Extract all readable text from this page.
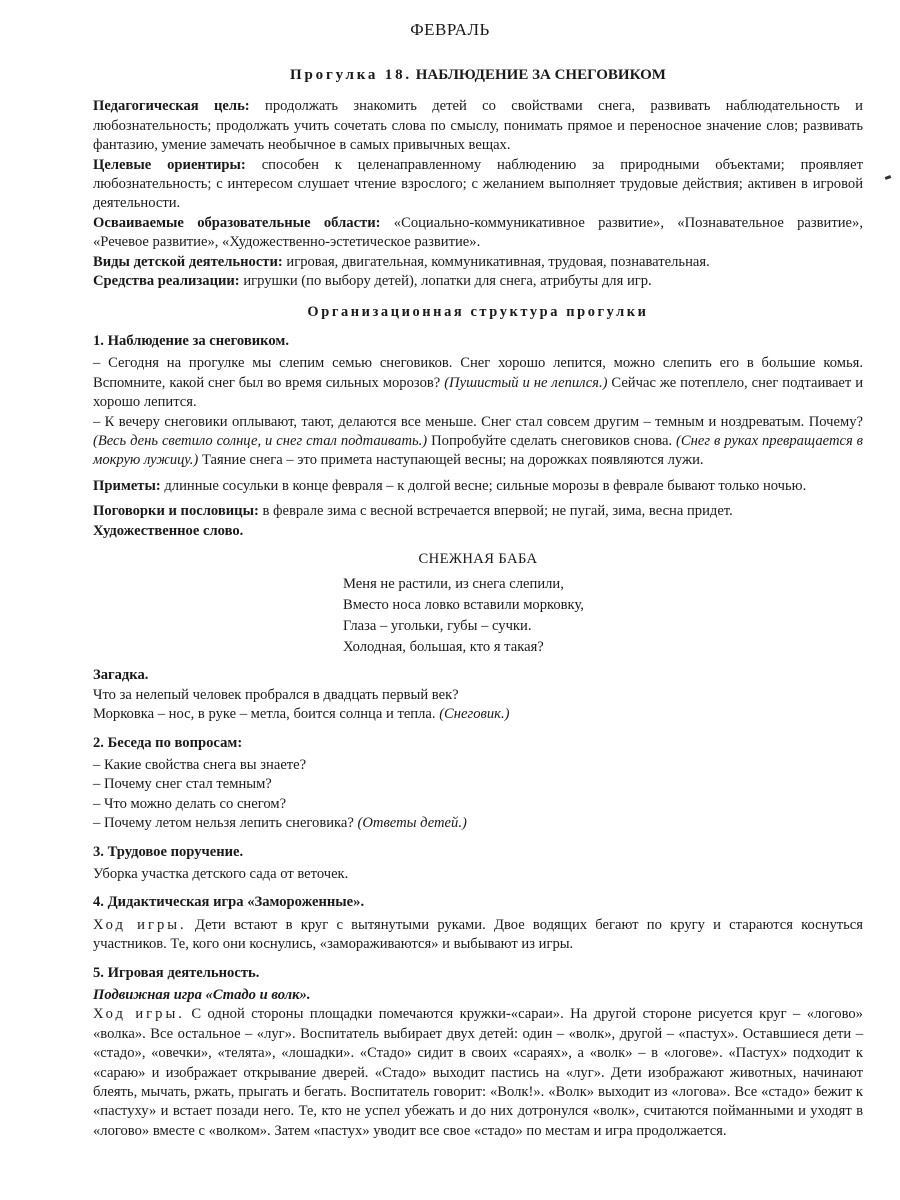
ФЕВРАЛЬ
Прогулка 18. НАБЛЮДЕНИЕ ЗА СНЕГОВИКОМ

Педагогическая цель: продолжать знакомить детей со свойствами снега, развивать наблюдательность и любознательность; продолжать учить сочетать слова по смыслу, понимать прямое и переносное значение слов; развивать фантазию, умение замечать необычное в самых привычных вещах.

Целевые ориентиры: способен к целенаправленному наблюдению за природными объектами; проявляет любознательность; с интересом слушает чтение взрослого; с желанием выполняет трудовые действия; активен в игровой деятельности.

Осваиваемые образовательные области: «Социально-коммуникативное развитие», «Познавательное развитие», «Речевое развитие», «Художественно-эстетическое развитие».

Виды детской деятельности: игровая, двигательная, коммуникативная, трудовая, познавательная.

Средства реализации: игрушки (по выбору детей), лопатки для снега, атрибуты для игр.

Организационная структура прогулки
1. Наблюдение за снеговиком.

– Сегодня на прогулке мы слепим семью снеговиков. Снег хорошо лепится, можно слепить его в большие комья. Вспомните, какой снег был во время сильных морозов? (Пушистый и не лепился.) Сейчас же потеплело, снег подтаивает и хорошо лепится.

– К вечеру снеговики оплывают, тают, делаются все меньше. Снег стал совсем другим – темным и ноздреватым. Почему? (Весь день светило солнце, и снег стал подтаивать.) Попробуйте сделать снеговиков снова. (Снег в руках превращается в мокрую лужицу.) Таяние снега – это примета наступающей весны; на дорожках появляются лужи.

Приметы: длинные сосульки в конце февраля – к долгой весне; сильные морозы в феврале бывают только ночью.

Поговорки и пословицы: в феврале зима с весной встречается впервой; не пугай, зима, весна придет.

Художественное слово.

СНЕЖНАЯ БАБА
Меня не растили, из снега слепили,
Вместо носа ловко вставили морковку,
Глаза – угольки, губы – сучки.
Холодная, большая, кто я такая?

Загадка.

Что за нелепый человек пробрался в двадцать первый век?

Морковка – нос, в руке – метла, боится солнца и тепла. (Снеговик.)

2. Беседа по вопросам:

– Какие свойства снега вы знаете?

– Почему снег стал темным?

– Что можно делать со снегом?

– Почему летом нельзя лепить снеговика? (Ответы детей.)

3. Трудовое поручение.

Уборка участка детского сада от веточек.

4. Дидактическая игра «Замороженные».

Ход игры. Дети встают в круг с вытянутыми руками. Двое водящих бегают по кругу и стараются коснуться участников. Те, кого они коснулись, «замораживаются» и выбывают из игры.

5. Игровая деятельность.

Подвижная игра «Стадо и волк».

Ход игры. С одной стороны площадки помечаются кружки-«сараи». На другой стороне рисуется круг – «логово» «волка». Все остальное – «луг». Воспитатель выбирает двух детей: один – «волк», другой – «пастух». Оставшиеся дети – «стадо», «овечки», «телята», «лошадки». «Стадо» сидит в своих «сараях», а «волк» – в «логове». «Пастух» подходит к «сараю» и изображает открывание дверей. «Стадо» выходит пастись на «луг». Дети изображают животных, начинают блеять, мычать, ржать, прыгать и бегать. Воспитатель говорит: «Волк!». «Волк» выходит из «логова». Все «стадо» бежит к «пастуху» и встает позади него. Те, кто не успел убежать и до них дотронулся «волк», считаются пойманными и уходят в «логово» вместе с «волком». Затем «пастух» уводит все свое «стадо» по местам и игра продолжается.
